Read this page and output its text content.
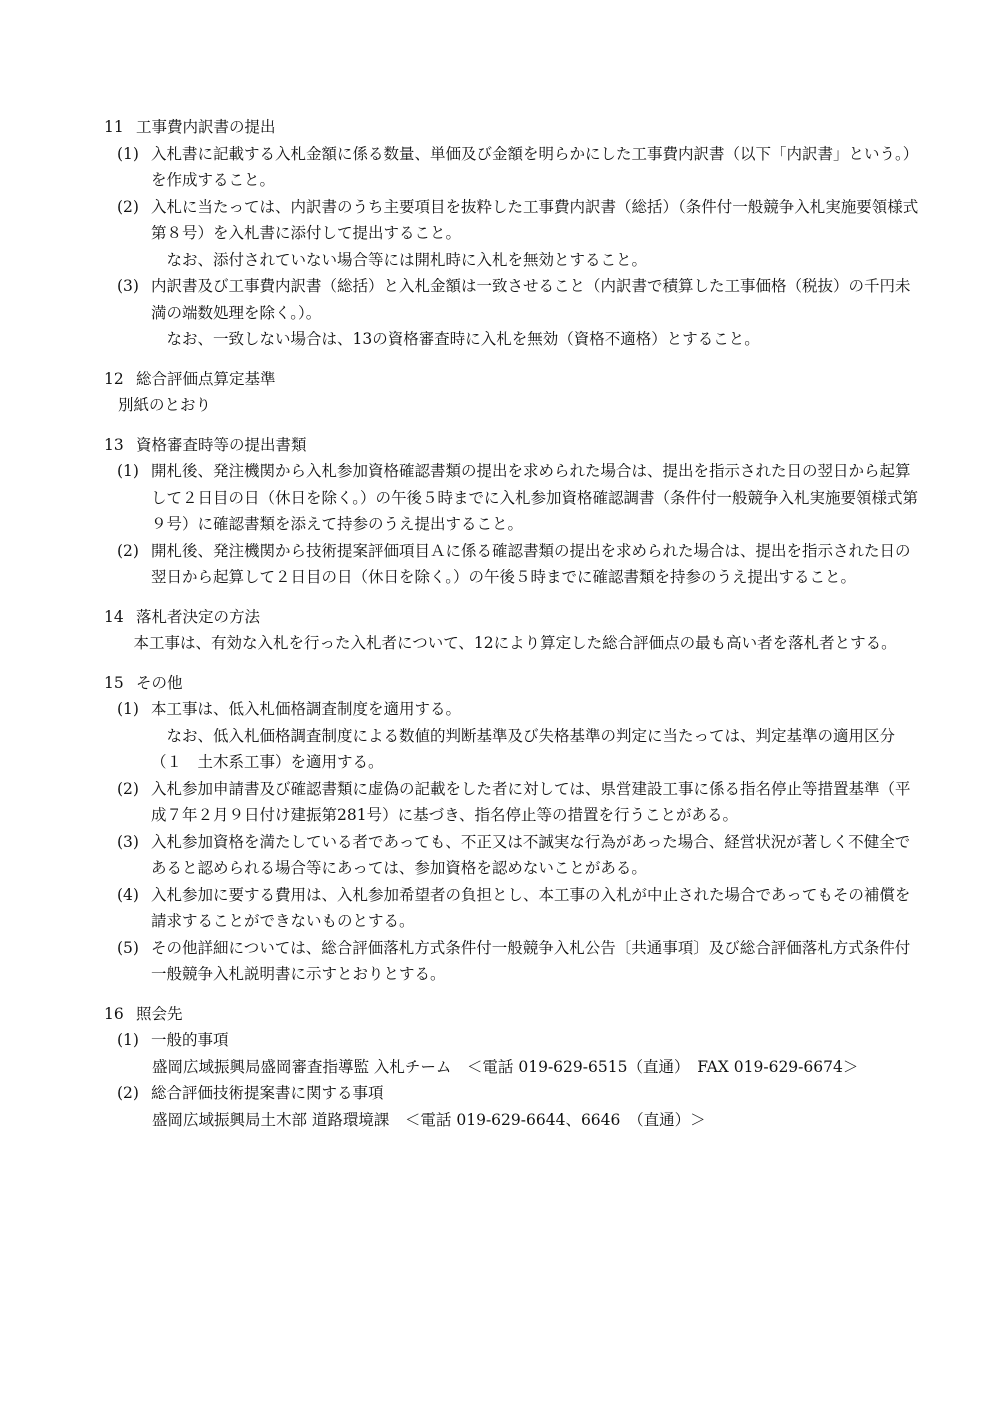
11 工事費内訳書の提出
(1) 入札書に記載する入札金額に係る数量、単価及び金額を明らかにした工事費内訳書（以下「内訳書」という。）を作成すること。
(2) 入札に当たっては、内訳書のうち主要項目を抜粋した工事費内訳書（総括）（条件付一般競争入札実施要領様式第８号）を入札書に添付して提出すること。
なお、添付されていない場合等には開札時に入札を無効とすること。
(3) 内訳書及び工事費内訳書（総括）と入札金額は一致させること（内訳書で積算した工事価格（税抜）の千円未満の端数処理を除く。）。
なお、一致しない場合は、13の資格審査時に入札を無効（資格不適格）とすること。
12 総合評価点算定基準
別紙のとおり
13 資格審査時等の提出書類
(1) 開札後、発注機関から入札参加資格確認書類の提出を求められた場合は、提出を指示された日の翌日から起算して２日目の日（休日を除く。）の午後５時までに入札参加資格確認調書（条件付一般競争入札実施要領様式第９号）に確認書類を添えて持参のうえ提出すること。
(2) 開札後、発注機関から技術提案評価項目Ａに係る確認書類の提出を求められた場合は、提出を指示された日の翌日から起算して２日目の日（休日を除く。）の午後５時までに確認書類を持参のうえ提出すること。
14 落札者決定の方法
本工事は、有効な入札を行った入札者について、12により算定した総合評価点の最も高い者を落札者とする。
15 その他
(1) 本工事は、低入札価格調査制度を適用する。
なお、低入札価格調査制度による数値的判断基準及び失格基準の判定に当たっては、判定基準の適用区分（１　土木系工事）を適用する。
(2) 入札参加申請書及び確認書類に虚偽の記載をした者に対しては、県営建設工事に係る指名停止等措置基準（平成７年２月９日付け建振第281号）に基づき、指名停止等の措置を行うことがある。
(3) 入札参加資格を満たしている者であっても、不正又は不誠実な行為があった場合、経営状況が著しく不健全であると認められる場合等にあっては、参加資格を認めないことがある。
(4) 入札参加に要する費用は、入札参加希望者の負担とし、本工事の入札が中止された場合であってもその補償を請求することができないものとする。
(5) その他詳細については、総合評価落札方式条件付一般競争入札公告〔共通事項〕及び総合評価落札方式条件付一般競争入札説明書に示すとおりとする。
16 照会先
(1) 一般的事項
盛岡広域振興局盛岡審査指導監 入札チーム　＜電話 019-629-6515（直通）　FAX 019-629-6674＞
(2) 総合評価技術提案書に関する事項
盛岡広域振興局土木部 道路環境課　＜電話 019-629-6644、6646　（直通）＞
